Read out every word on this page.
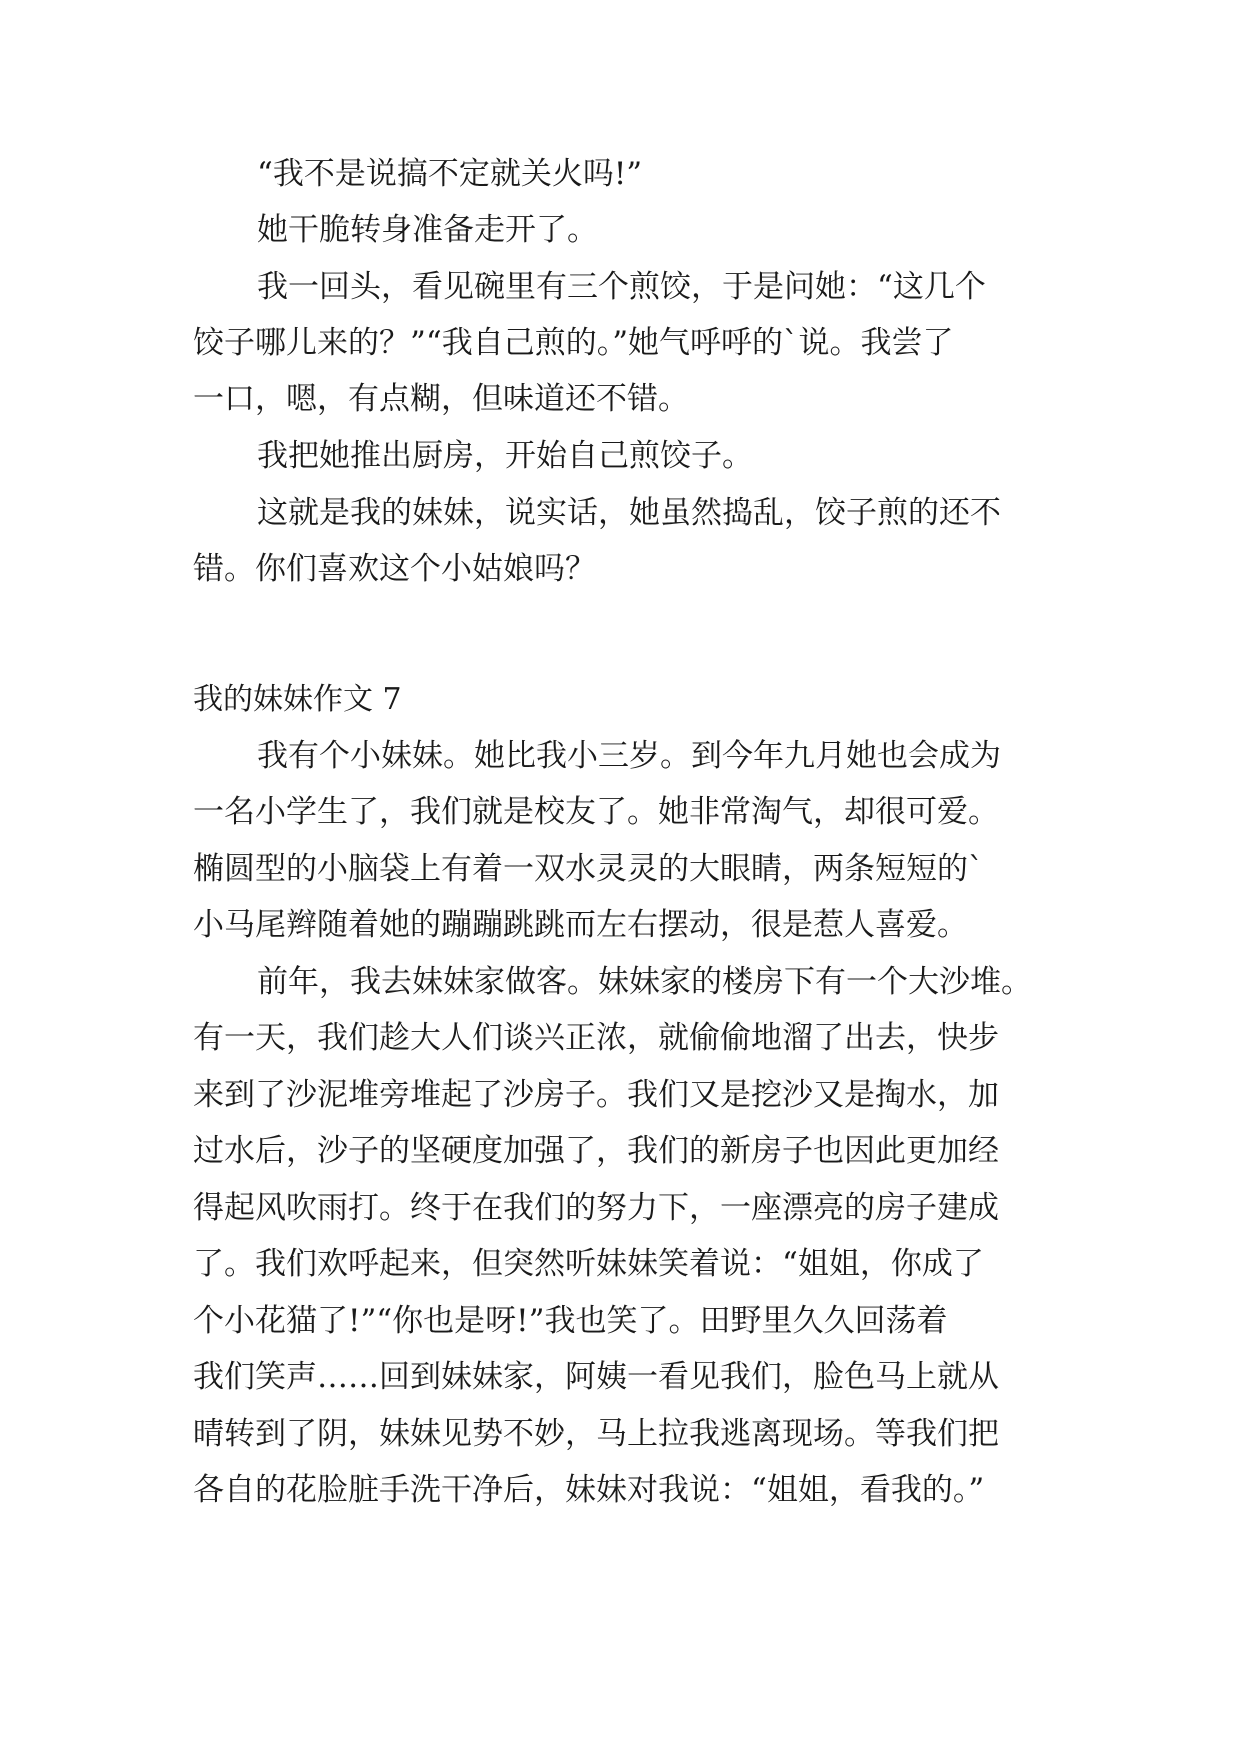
“我不是说搞不定就关火吗!”

她干脆转身准备走开了。

我一回头，看见碗里有三个煎饺，于是问她：“这几个

饺子哪儿来的？”“我自己煎的。”她气呼呼的`说。我尝了

一口，嗯，有点糊，但味道还不错。

我把她推出厨房，开始自己煎饺子。

这就是我的妹妹，说实话，她虽然捣乱，饺子煎的还不

错。你们喜欢这个小姑娘吗？

我的妹妹作文 7

我有个小妹妹。她比我小三岁。到今年九月她也会成为

一名小学生了，我们就是校友了。她非常淘气，却很可爱。

椭圆型的小脑袋上有着一双水灵灵的大眼睛，两条短短的`

小马尾辫随着她的蹦蹦跳跳而左右摆动，很是惹人喜爱。

前年，我去妹妹家做客。妹妹家的楼房下有一个大沙堆。

有一天，我们趁大人们谈兴正浓，就偷偷地溜了出去，快步

来到了沙泥堆旁堆起了沙房子。我们又是挖沙又是掏水，加

过水后，沙子的坚硬度加强了，我们的新房子也因此更加经

得起风吹雨打。终于在我们的努力下，一座漂亮的房子建成

了。我们欢呼起来，但突然听妹妹笑着说：“姐姐，你成了

个小花猫了!”“你也是呀!”我也笑了。田野里久久回荡着

我们笑声……回到妹妹家，阿姨一看见我们，脸色马上就从

晴转到了阴，妹妹见势不妙，马上拉我逃离现场。等我们把

各自的花脸脏手洗干净后，妹妹对我说：“姐姐，看我的。”
